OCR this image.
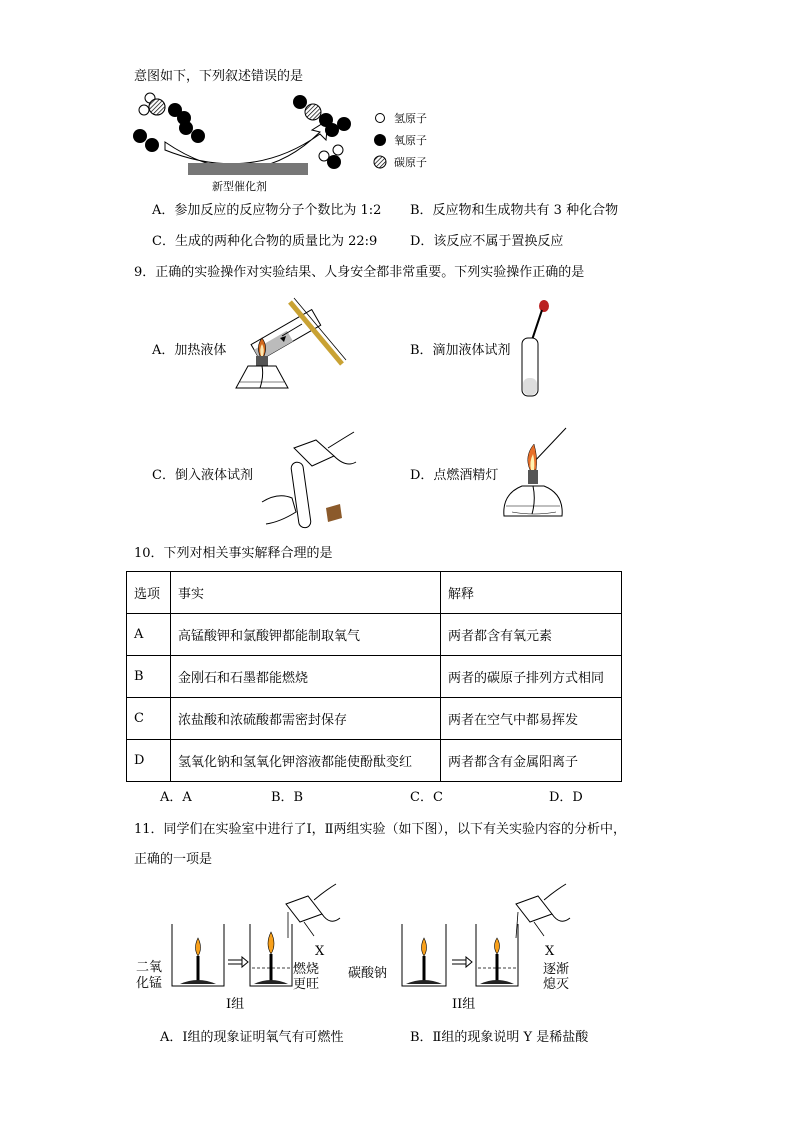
意图如下，下列叙述错误的是
新型催化剂
氢原子
氧原子
碳原子
A．参加反应的反应物分子个数比为 1:2 B．反应物和生成物共有 3 种化合物
C．生成的两种化合物的质量比为 22:9	D．该反应不属于置换反应
9．正确的实验操作对实验结果、人身安全都非常重要。下列实验操作正确的是
A．加热液体	B．滴加液体试剂
C．倒入液体试剂	D．点燃酒精灯
10．下列对相关事实解释合理的是
选项	事实	解释
A	高锰酸钾和氯酸钾都能制取氧气	两者都含有氧元素
B	金刚石和石墨都能燃烧	两者的碳原子排列方式相同
C	浓盐酸和浓硫酸都需密封保存	两者在空气中都易挥发
D	氢氧化钠和氢氧化钾溶液都能使酚酞变红	两者都含有金属阳离子
A．A	B．B	C．C	D．D
11．同学们在实验室中进行了Ⅰ，Ⅱ两组实验（如下图），以下有关实验内容的分析中，
正确的一项是
二氧
化锰
X
燃烧
更旺
I组
碳酸钠
X
逐渐
熄灭
II组
A．Ⅰ组的现象证明氧气有可燃性	B．Ⅱ组的现象说明 Y 是稀盐酸
